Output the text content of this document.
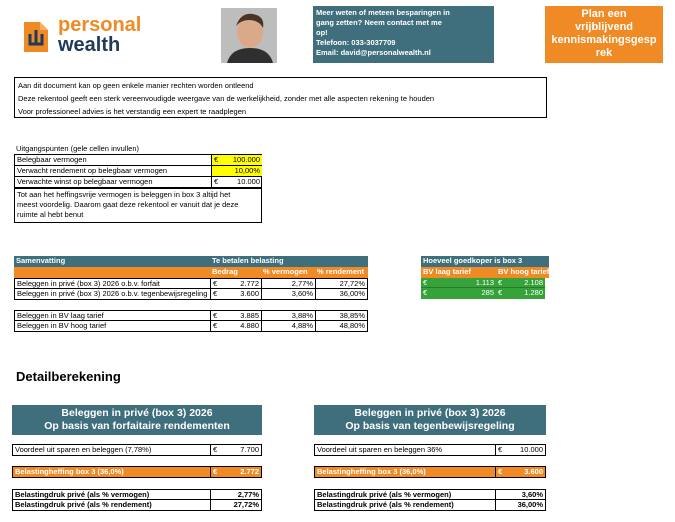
personal
wealth
Meer weten of meteen besparingen in
gang zetten? Neem contact met me
op!
Telefoon: 033-3037709
Email: david@personalwealth.nl
Plan een
vrijblijvend
kennismakingsgesp
rek
Aan dit document kan op geen enkele manier rechten worden ontleend
Deze rekentool geeft een sterk vereenvoudigde weergave van de werkelijkheid, zonder met alle aspecten rekening te houden
Voor professioneel advies is het verstandig een expert te raadplegen
Uitgangspunten (gele cellen invullen)
Belegbaar vermogen	€	100.000
Verwacht rendement op belegbaar vermogen	10,00%
Verwachte winst op belegbaar vermogen	€	10.000
Tot aan het heffingsvrije vermogen is beleggen in box 3 altijd het
meest voordelig. Daarom gaat deze rekentool er vanuit dat je deze
ruimte al hebt benut
Samenvatting	Te betalen belasting
Bedrag	% vermogen	% rendement
Beleggen in privé (box 3) 2026 o.b.v. forfait	€	2.772	2,77%	27,72%
Beleggen in privé (box 3) 2026 o.b.v. tegenbewijsregeling €	3.600	3,60%	36,00%
Beleggen in BV laag tarief	€	3.885	3,88%	38,85%
Beleggen in BV hoog tarief	€	4.880	4,88%	48,80%
Hoeveel goedkoper is box 3
BV laag tarief	BV hoog tarief
€	1.113 €	2.108
€	285 €	1.280
Detailberekening
Beleggen in privé (box 3) 2026
Op basis van forfaitaire rendementen
Voordeel uit sparen en beleggen (7,78%)	€	7.700
Belastingheffing box 3 (36,0%)	€	2.772
Belastingdruk privé (als % vermogen)	2,77%
Belastingdruk privé (als % rendement)	27,72%
Beleggen in privé (box 3) 2026
Op basis van tegenbewijsregeling
Voordeel uit sparen en beleggen 36%	€	10.000
Belastingheffing box 3 (36,0%)	€	3.600
Belastingdruk privé (als % vermogen)	3,60%
Belastingdruk privé (als % rendement)	36,00%
